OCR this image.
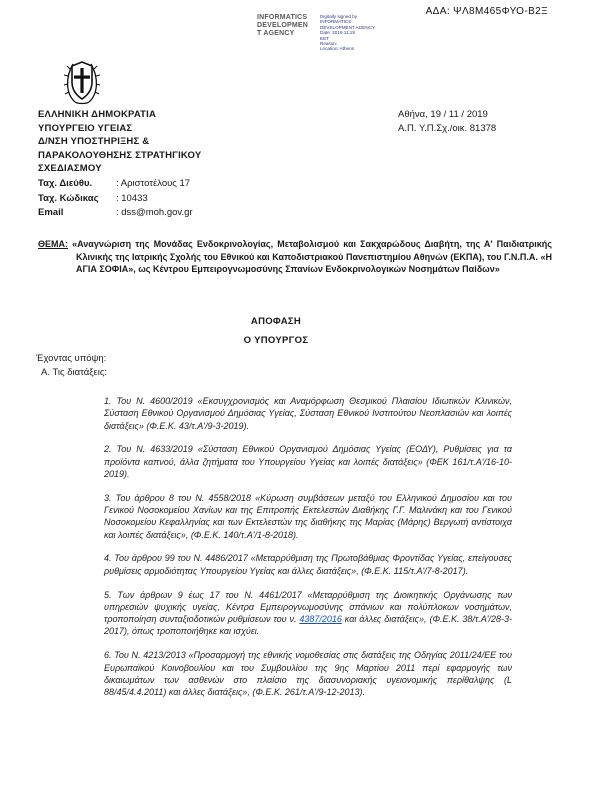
ΑΔΑ: ΨΛ8Μ465ΦΥΟ-Β2Ξ
INFORMATICS
DEVELOPMEN
T AGENCY
Digitally signed by
INFORMATICS
DEVELOPMENT AGENCY
Date: 2019.11.19
EET
Reason:
Location: Athens
ΕΛΛΗΝΙΚΗ ΔΗΜΟΚΡΑΤΙΑ
ΥΠΟΥΡΓΕΙΟ ΥΓΕΙΑΣ
Δ/ΝΣΗ ΥΠΟΣΤΗΡΙΞΗΣ &
ΠΑΡΑΚΟΛΟΥΘΗΣΗΣ ΣΤΡΑΤΗΓΙΚΟΥ
ΣΧΕΔΙΑΣΜΟΥ
Αθήνα, 19 / 11 / 2019
Α.Π. Υ.Π.Σχ./οικ. 81378
Ταχ. Διεύθυ.	: Αριστοτέλους 17
Ταχ. Κώδικας	: 10433
Email	: dss@moh.gov.gr

ΘΕΜΑ: «Αναγνώριση της Μονάδας Ενδοκρινολογίας, Μεταβολισμού και Σακχαρώδους Διαβήτη, της Α' Παιδιατρικής Κλινικής της Ιατρικής Σχολής του Εθνικού και Καποδιστριακού Πανεπιστημίου Αθηνών (ΕΚΠΑ), του Γ.Ν.Π.Α. «Η ΑΓΙΑ ΣΟΦΙΑ», ως Κέντρου Εμπειρογνωμοσύνης Σπανίων Ενδοκρινολογικών Νοσημάτων Παίδων»

ΑΠΟΦΑΣΗ
Ο ΥΠΟΥΡΓΟΣ
Έχοντας υπόψη:
Α. Τις διατάξεις:

1. Του Ν. 4600/2019 «Εκσυγχρονισμός και Αναμόρφωση Θεσμικού Πλαισίου Ιδιωτικών Κλινικών, Σύσταση Εθνικού Οργανισμού Δημόσιας Υγείας, Σύσταση Εθνικού Ινστιτούτου Νεοπλασιών και λοιπές διατάξεις» (Φ.Ε.Κ. 43/τ.Α'/9-3-2019).

2. Του Ν. 4633/2019 «Σύσταση Εθνικού Οργανισμού Δημόσιας Υγείας (ΕΟΔΥ), Ρυθμίσεις για τα προϊόντα καπνού, άλλα ζητήματα του Υπουργείου Υγείας και λοιπές διατάξεις» (ΦΕΚ 161/τ.Α'/16-10-2019).

3. Του άρθρου 8 του Ν. 4558/2018 «Κύρωση συμβάσεων μεταξύ του Ελληνικού Δημοσίου και του Γενικού Νοσοκομείου Χανίων και της Επιτροπής Εκτελεστών Διαθήκης Γ.Γ. Μαλινάκη και του Γενικού Νοσοκομείου Κεφαλληνίας και των Εκτελεστών της διαθήκης της Μαρίας (Μάρης) Βεργωτή αντίστοιχα και λοιπές διατάξεις», (Φ.Ε.Κ. 140/τ.Α'/1-8-2018).

4. Του άρθρου 99 του Ν. 4486/2017 «Μεταρρύθμιση της Πρωτοβάθμιας Φροντίδας Υγείας, επείγουσες ρυθμίσεις αρμοδιότητας Υπουργείου Υγείας και άλλες διατάξεις», (Φ.Ε.Κ. 115/τ.Α'/7-8-2017).

5. Των άρθρων 9 έως 17 του Ν. 4461/2017 «Μεταρρύθμιση της Διοικητικής Οργάνωσης των υπηρεσιών ψυχικής υγείας, Κέντρα Εμπειρογνωμοσύνης σπάνιων και πολύπλοκων νοσημάτων, τροποποίηση συνταξιοδοτικών ρυθμίσεων του ν. 4387/2016 και άλλες διατάξεις», (Φ.Ε.Κ. 38/τ.Α'/28-3-2017), όπως τροποποιήθηκε και ισχύει.

6. Του Ν. 4213/2013 «Προσαρμογή της εθνικής νομοθεσίας στις διατάξεις της Οδηγίας 2011/24/ΕΕ του Ευρωπαϊκού Κοινοβουλίου και του Συμβουλίου της 9ης Μαρτίου 2011 περί εφαρμογής των δικαιωμάτων των ασθενών στο πλαίσιο της διασυνοριακής υγειονομικής περίθαλψης (L 88/45/4.4.2011) και άλλες διατάξεις», (Φ.Ε.Κ. 261/τ.Α'/9-12-2013).
